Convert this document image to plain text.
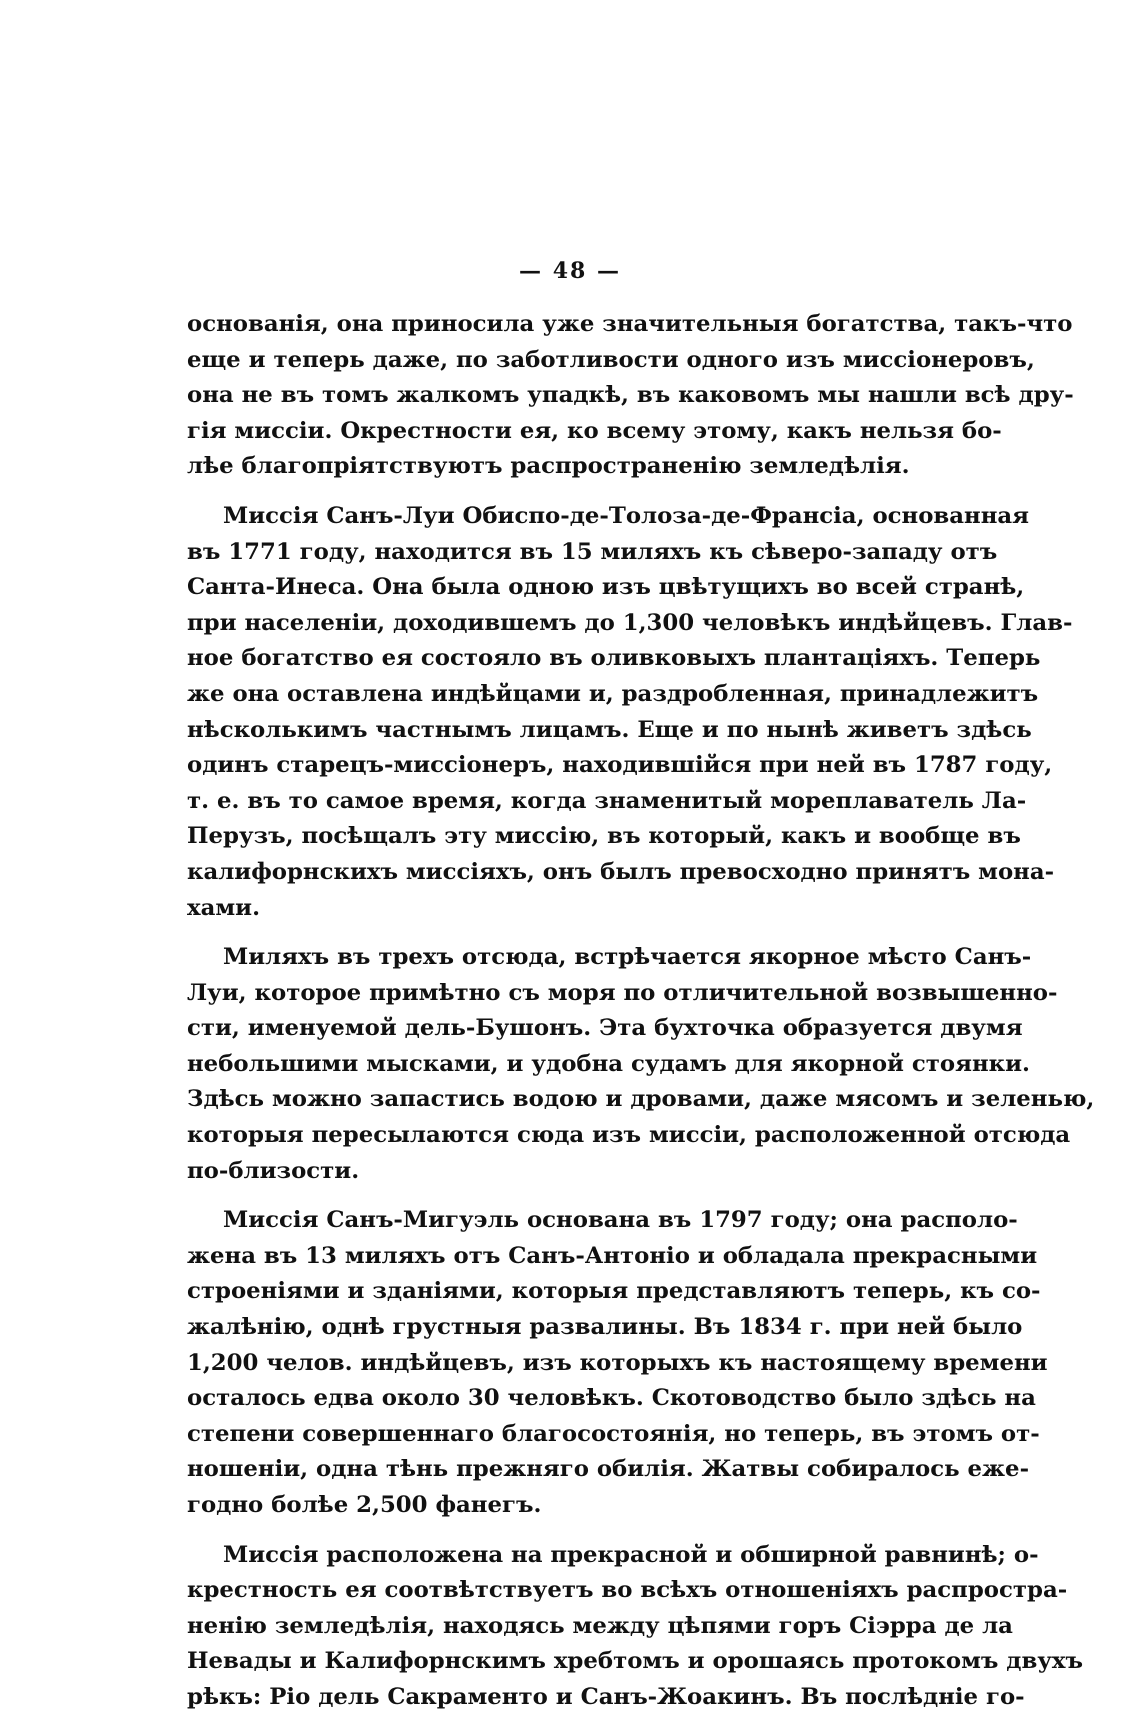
— 48 —

основанія, она приносила уже значительныя богатства, такъ-что
еще и теперь даже, по заботливости одного изъ миссіонеровъ,
она не въ томъ жалкомъ упадкѣ, въ каковомъ мы нашли всѣ дру-
гія миссіи. Окрестности ея, ко всему этому, какъ нельзя бо-
лѣе благопріятствуютъ распространенію земледѣлія.

Миссія Санъ-Луи Обиспо-де-Толоза-де-Франсіа, основанная
въ 1771 году, находится въ 15 миляхъ къ сѣверо-западу отъ
Санта-Инеса. Она была одною изъ цвѣтущихъ во всей странѣ,
при населеніи, доходившемъ до 1,300 человѣкъ индѣйцевъ. Глав-
ное богатство ея состояло въ оливковыхъ плантаціяхъ. Теперь
же она оставлена индѣйцами и, раздробленная, принадлежитъ
нѣсколькимъ частнымъ лицамъ. Еще и по нынѣ живетъ здѣсь
одинъ старецъ-миссіонеръ, находившійся при ней въ 1787 году,
т. е. въ то самое время, когда знаменитый мореплаватель Ла-
Перузъ, посѣщалъ эту миссію, въ который, какъ и вообще въ
калифорнскихъ миссіяхъ, онъ былъ превосходно принятъ мона-
хами.

Миляхъ въ трехъ отсюда, встрѣчается якорное мѣсто Санъ-
Луи, которое примѣтно съ моря по отличительной возвышенно-
сти, именуемой дель-Бушонъ. Эта бухточка образуется двумя
небольшими мысками, и удобна судамъ для якорной стоянки.
Здѣсь можно запастись водою и дровами, даже мясомъ и зеленью,
которыя пересылаются сюда изъ миссіи, расположенной отсюда
по-близости.

Миссія Санъ-Мигуэль основана въ 1797 году; она располо-
жена въ 13 миляхъ отъ Санъ-Антоніо и обладала прекрасными
строеніями и зданіями, которыя представляютъ теперь, къ со-
жалѣнію, однѣ грустныя развалины. Въ 1834 г. при ней было
1,200 челов. индѣйцевъ, изъ которыхъ къ настоящему времени
осталось едва около 30 человѣкъ. Скотоводство было здѣсь на
степени совершеннаго благосостоянія, но теперь, въ этомъ от-
ношеніи, одна тѣнь прежняго обилія. Жатвы собиралось еже-
годно болѣе 2,500 фанегъ.

Миссія расположена на прекрасной и обширной равнинѣ; о-
крестность ея соотвѣтствуетъ во всѣхъ отношеніяхъ распростра-
ненію земледѣлія, находясь между цѣпями горъ Сіэрра де ла
Невады и Калифорнскимъ хребтомъ и орошаясь протокомъ двухъ
рѣкъ: Ріо дель Сакраменто и Санъ-Жоакинъ. Въ послѣдніе го-
